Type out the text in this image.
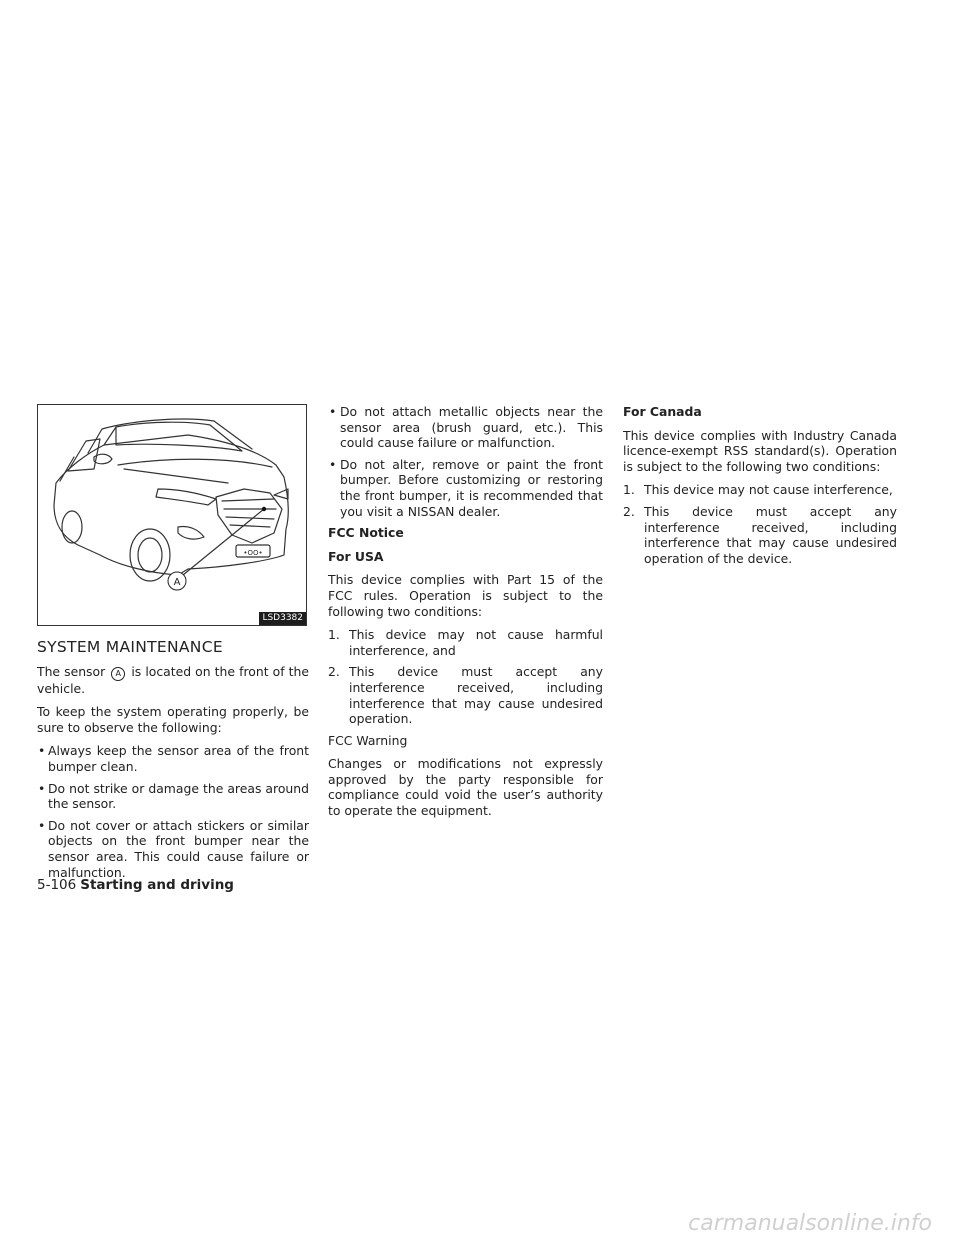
A
•OO•
LSD3382
SYSTEM MAINTENANCE

The sensor A is located on the front of the vehicle.

To keep the system operating properly, be sure to observe the following:

• Always keep the sensor area of the front bumper clean.
• Do not strike or damage the areas around the sensor.
• Do not cover or attach stickers or similar objects on the front bumper near the sensor area. This could cause failure or malfunction.
• Do not attach metallic objects near the sensor area (brush guard, etc.). This could cause failure or malfunction.
• Do not alter, remove or paint the front bumper. Before customizing or restoring the front bumper, it is recommended that you visit a NISSAN dealer.
FCC Notice
For USA

This device complies with Part 15 of the FCC rules. Operation is subject to the following two conditions:

1. This device may not cause harmful interference, and
2. This device must accept any interference received, including interference that may cause undesired operation.

FCC Warning

Changes or modifications not expressly approved by the party responsible for compliance could void the user’s authority to operate the equipment.

For Canada

This device complies with Industry Canada licence-exempt RSS standard(s). Operation is subject to the following two conditions:

1. This device may not cause interference,
2. This device must accept any interference received, including interference that may cause undesired operation of the device.
5-106 Starting and driving
carmanualsonline.info
